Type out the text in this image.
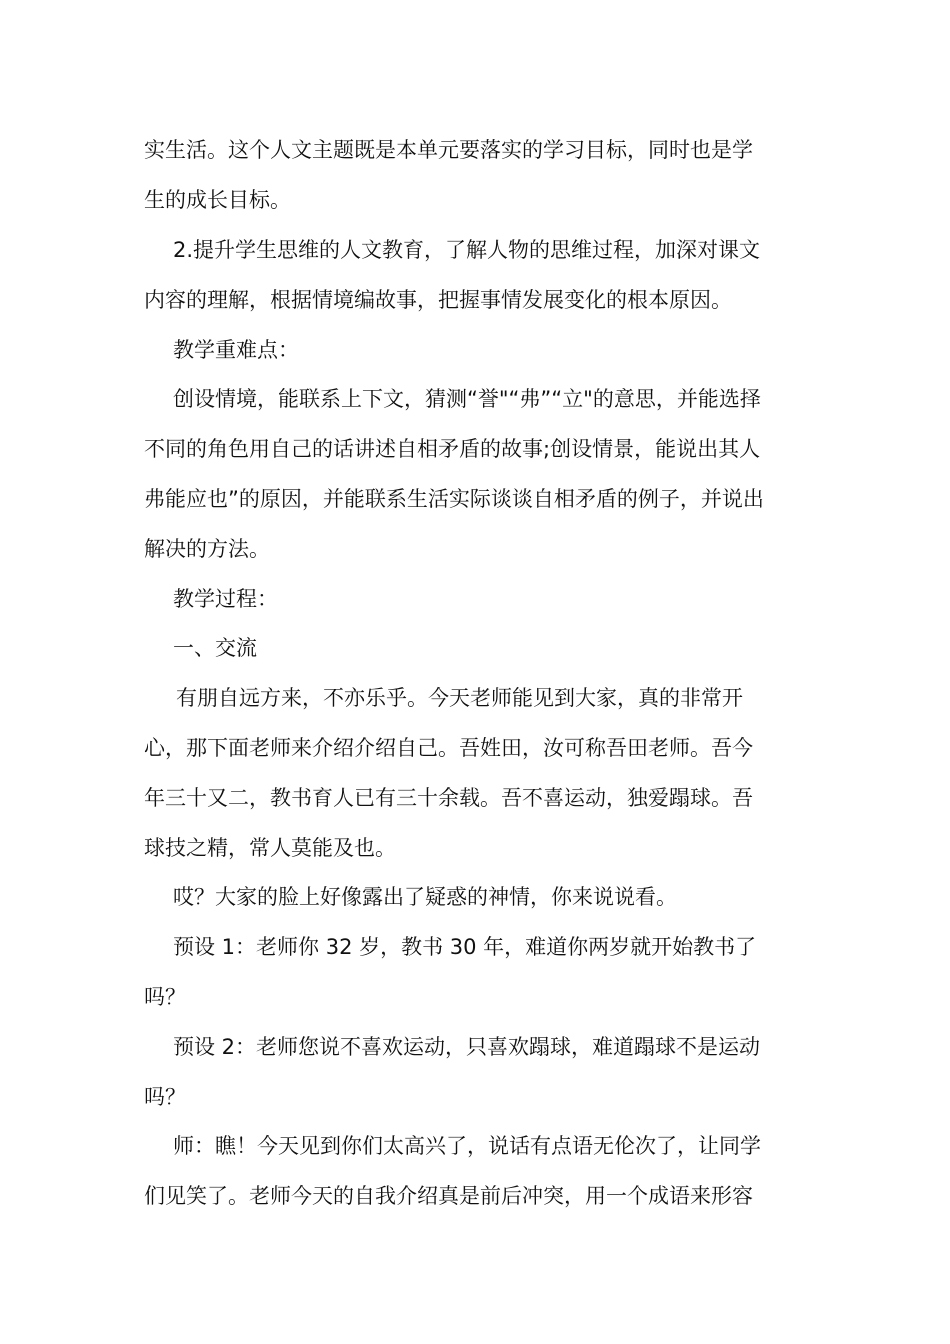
实生活。这个人文主题既是本单元要落实的学习目标，同时也是学
生的成长目标。
2.提升学生思维的人文教育，了解人物的思维过程，加深对课文
内容的理解，根据情境编故事，把握事情发展变化的根本原因。
教学重难点：
创设情境，能联系上下文，猜测“誉"“弗”“立"的意思，并能选择
不同的角色用自己的话讲述自相矛盾的故事;创设情景，能说出其人
弗能应也”的原因，并能联系生活实际谈谈自相矛盾的例子，并说出
解决的方法。
教学过程：
一、交流
有朋自远方来，不亦乐乎。今天老师能见到大家，真的非常开
心，那下面老师来介绍介绍自己。吾姓田，汝可称吾田老师。吾今
年三十又二，教书育人已有三十余载。吾不喜运动，独爱蹋球。吾
球技之精，常人莫能及也。
哎？大家的脸上好像露出了疑惑的神情，你来说说看。
预设 1：老师你 32 岁，教书 30 年，难道你两岁就开始教书了
吗？
预设 2：老师您说不喜欢运动，只喜欢蹋球，难道蹋球不是运动
吗？
师：瞧！今天见到你们太高兴了，说话有点语无伦次了，让同学
们见笑了。老师今天的自我介绍真是前后冲突，用一个成语来形容
